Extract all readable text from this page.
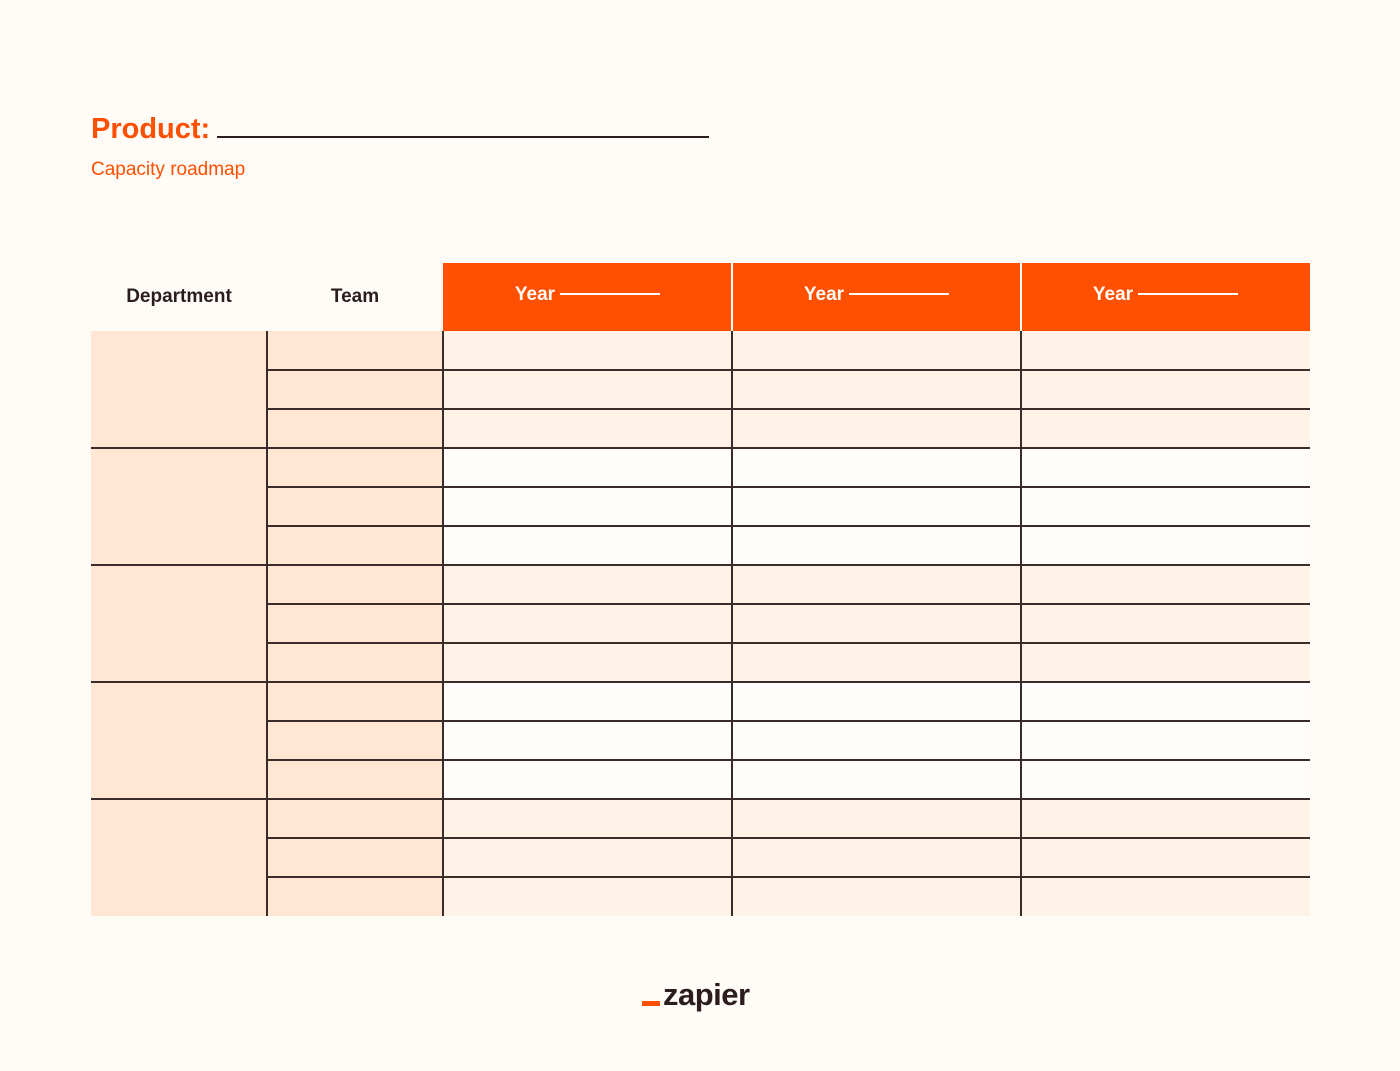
Product:
Capacity roadmap
Department	Team	Year	Year	Year
zapier
